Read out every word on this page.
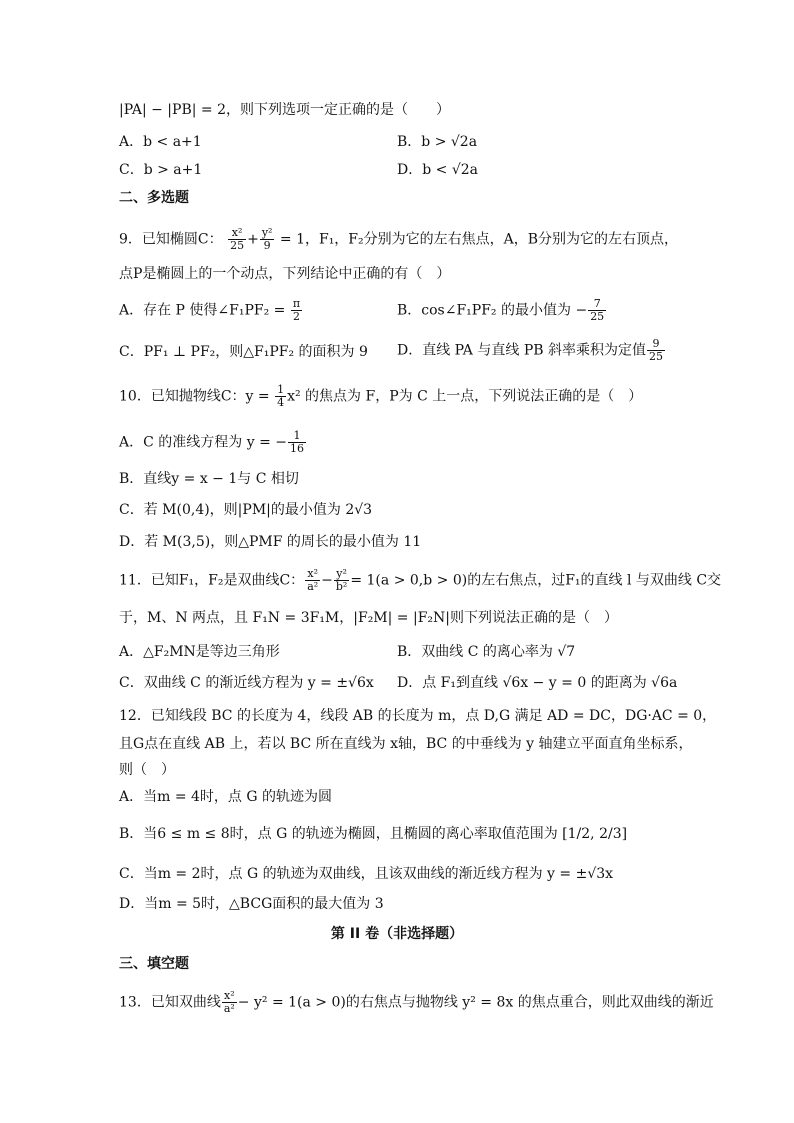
|PA| − |PB| = 2，则下列选项一定正确的是（　　）
A．b < a+1	B．b > √2a
C．b > a+1	D．b < √2a
二、多选题
9．已知椭圆C： $\frac{\text{x²}}{25} + \frac{\text{y²}}{9} = 1$，F₁，F₂分别为它的左右焦点，A，B分别为它的左右顶点，
点P是椭圆上的一个动点，下列结论中正确的有（　）
A．存在 P 使得∠F₁PF₂ = $\frac{\pi}{2}$	B．cos∠F₁PF₂ 的最小值为 − $\frac{7}{25}$
C．PF₁ ⊥ PF₂，则△F₁PF₂ 的面积为 9 D．直线 PA 与直线 PB 斜率乘积为定值 $\frac{9}{25}$
10．已知抛物线C：$y = \frac{1}{4} x^2$ 的焦点为 F，P为 C 上一点，下列说法正确的是（　）
A．C 的准线方程为 y = − $\frac{1}{16}$
B．直线y = x − 1与 C 相切
C．若 M(0,4)，则|PM|的最小值为 2√3
D．若 M(3,5)，则△PMF 的周长的最小值为 11
11．已知F₁，F₂是双曲线C： $\frac{\text{x²}}{\text{a²}} - \frac{\text{y²}}{\text{b²}} = 1(a > 0,b > 0)$的左右焦点，过F₁的直线 l 与双曲线 C交
于，M、N 两点，且 F₁N = 3F₁M，|F₂M| = |F₂N|则下列说法正确的是（　）
A．△F₂MN是等边三角形	B．双曲线 C 的离心率为 √7
C．双曲线 C 的渐近线方程为 y = ±√6x D．点 F₁到直线 √6x − y = 0 的距离为 √6a
12．已知线段 BC 的长度为 4，线段 AB 的长度为 m，点 D,G 满足 AD = DC，DG·AC = 0，
且G点在直线 AB 上，若以 BC 所在直线为 x轴，BC 的中垂线为 y 轴建立平面直角坐标系，
则（　）
A．当m = 4时，点 G 的轨迹为圆
B．当6 ≤ m ≤ 8时，点 G 的轨迹为椭圆，且椭圆的离心率取值范围为 [1/2, 2/3]
C．当m = 2时，点 G 的轨迹为双曲线，且该双曲线的渐近线方程为 y = ±√3x
D．当m = 5时，△BCG面积的最大值为 3
第 II 卷（非选择题）
三、填空题
13．已知双曲线 $\frac{\text{x²}}{\text{a²}} - y^2 = 1(a > 0)$的右焦点与抛物线 y² = 8x 的焦点重合，则此双曲线的渐近
